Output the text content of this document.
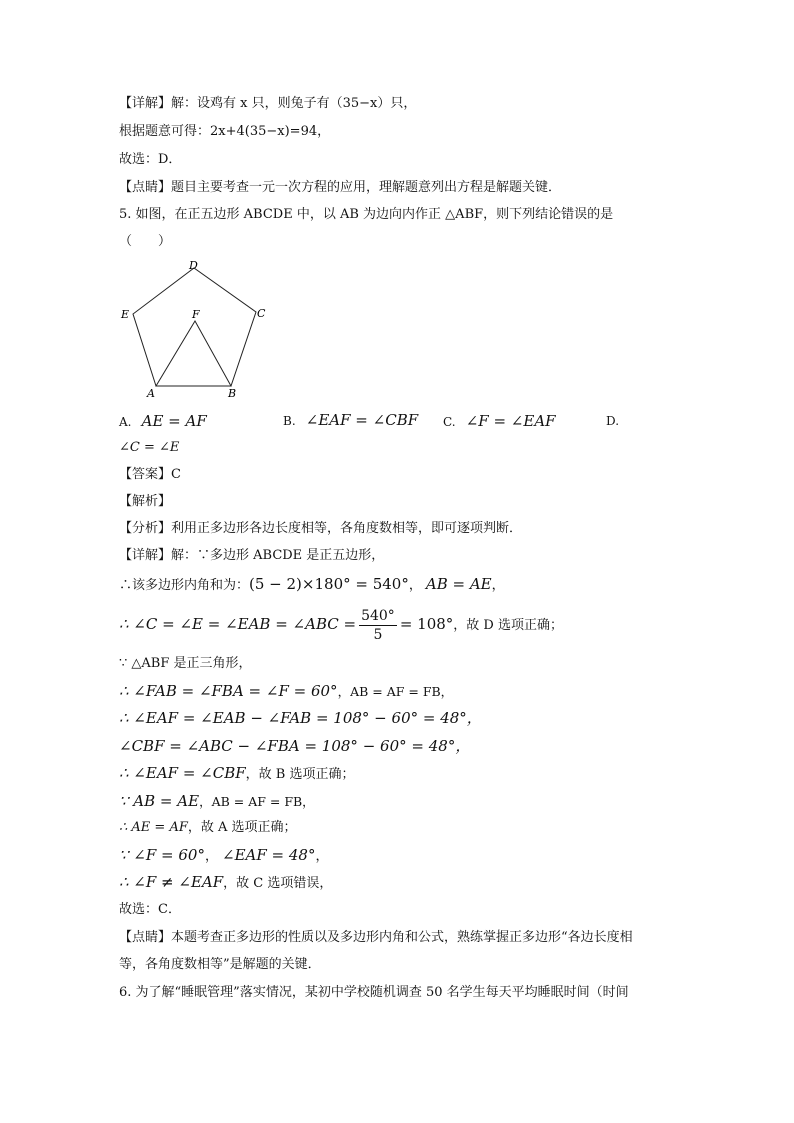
【详解】解：设鸡有 x 只，则兔子有（35−x）只，
根据题意可得：2x+4(35−x)=94，
故选：D．
【点睛】题目主要考查一元一次方程的应用，理解题意列出方程是解题关键．
5. 如图，在正五边形 ABCDE 中，以 AB 为边向内作正 △ABF，则下列结论错误的是
（　　）
A	B
C
D
E	F
A. AE = AF	B. ∠EAF = ∠CBF C. ∠F = ∠EAF	D.
∠C = ∠E
【答案】C
【解析】
【分析】利用正多边形各边长度相等，各角度数相等，即可逐项判断．
【详解】解：∵多边形 ABCDE 是正五边形，
∴该多边形内角和为：(5 − 2)×180° = 540°， AB = AE，
∴ ∠C = ∠E = ∠EAB = ∠ABC = $\frac{540^\circ}{5} = 108^\circ$，故 D 选项正确；
∵ △ABF 是正三角形，
∴ ∠FAB = ∠FBA = ∠F = 60°，AB = AF = FB，
∴ ∠EAF = ∠EAB − ∠FAB = 108° − 60° = 48°，
∠CBF = ∠ABC − ∠FBA = 108° − 60° = 48°，
∴ ∠EAF = ∠CBF，故 B 选项正确；
∵ AB = AE，AB = AF = FB，
∴ AE = AF，故 A 选项正确；
∵ ∠F = 60°， ∠EAF = 48°，
∴ ∠F ≠ ∠EAF，故 C 选项错误，
故选：C．
【点睛】本题考查正多边形的性质以及多边形内角和公式，熟练掌握正多边形“各边长度相
等，各角度数相等”是解题的关键．
6. 为了解“睡眠管理”落实情况，某初中学校随机调查 50 名学生每天平均睡眠时间（时间
